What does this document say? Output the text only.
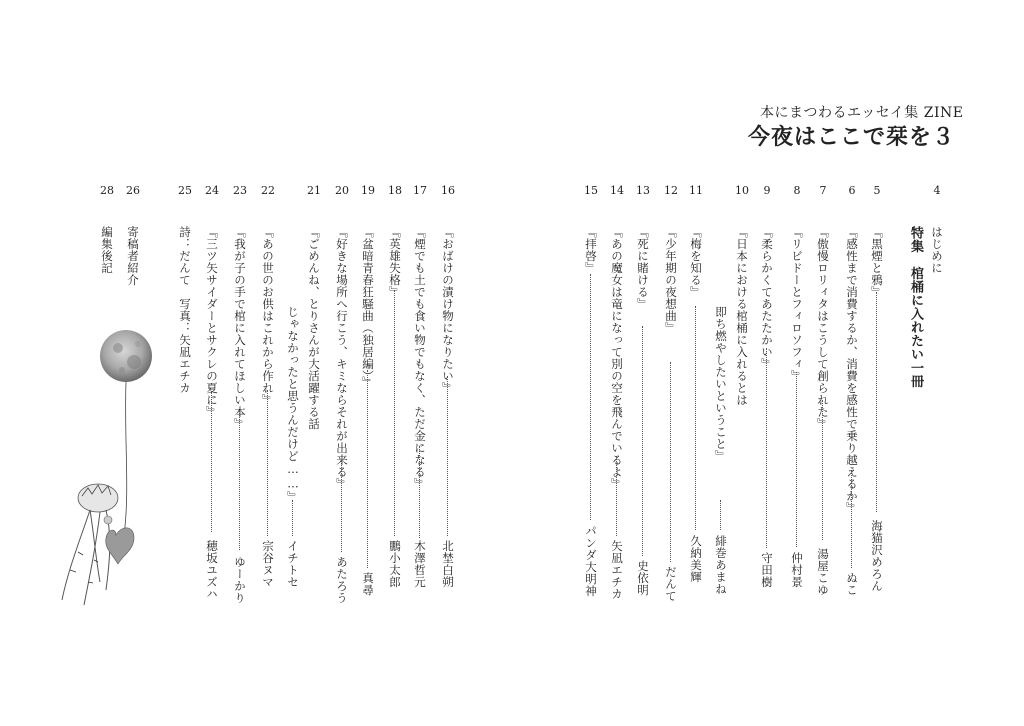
本にまつわるエッセイ集 ZINE
今夜はここで栞を３
4
はじめに
特集　棺桶に入れたい一冊
5
『黒煙と鴉』
海猫沢めろん
6
『感性まで消費するか、消費を感性で乗り越えるか』
ぬこ
7
『傲慢ロリィタはこうして創られた』
湯屋こゆ
8
『リビドーとフィロソフィ』
仲村景
9
『柔らかくてあたたかい』
守田樹
10
『日本における棺桶に入れるとは
即ち燃やしたいということ』
緋巻あまね
11
『梅を知る』
久納美輝
12
『少年期の夜想曲』
だんて
13
『死に賭ける』
史依明
14
『あの魔女は竜になって別の空を飛んでいるよ』
矢凪エチカ
15
『拝啓』
パンダ大明神
16
『おばけの漬け物になりたい』
北埜白朔
17
『煙でも土でも食い物でもなく、ただ金になる』
木澤哲元
18
『英雄失格』
鵬小太郎
19
『盆暗青春狂騒曲（独居編）』
真尋
20
『好きな場所へ行こう、キミならそれが出来る』
あたろう
21
『ごめんね、とりさんが大活躍する話
じゃなかったと思うんだけど……』
イチトセ
22
『あの世のお供はこれから作れ』
宗谷ヌマ
23
『我が子の手で棺に入れてほしい本』
ゆーかり
24
『三ツ矢サイダーとサクレの夏に』
穂坂ユズハ
25
詩：だんて　写真：矢凪エチカ
26
寄稿者紹介
28
編集後記
